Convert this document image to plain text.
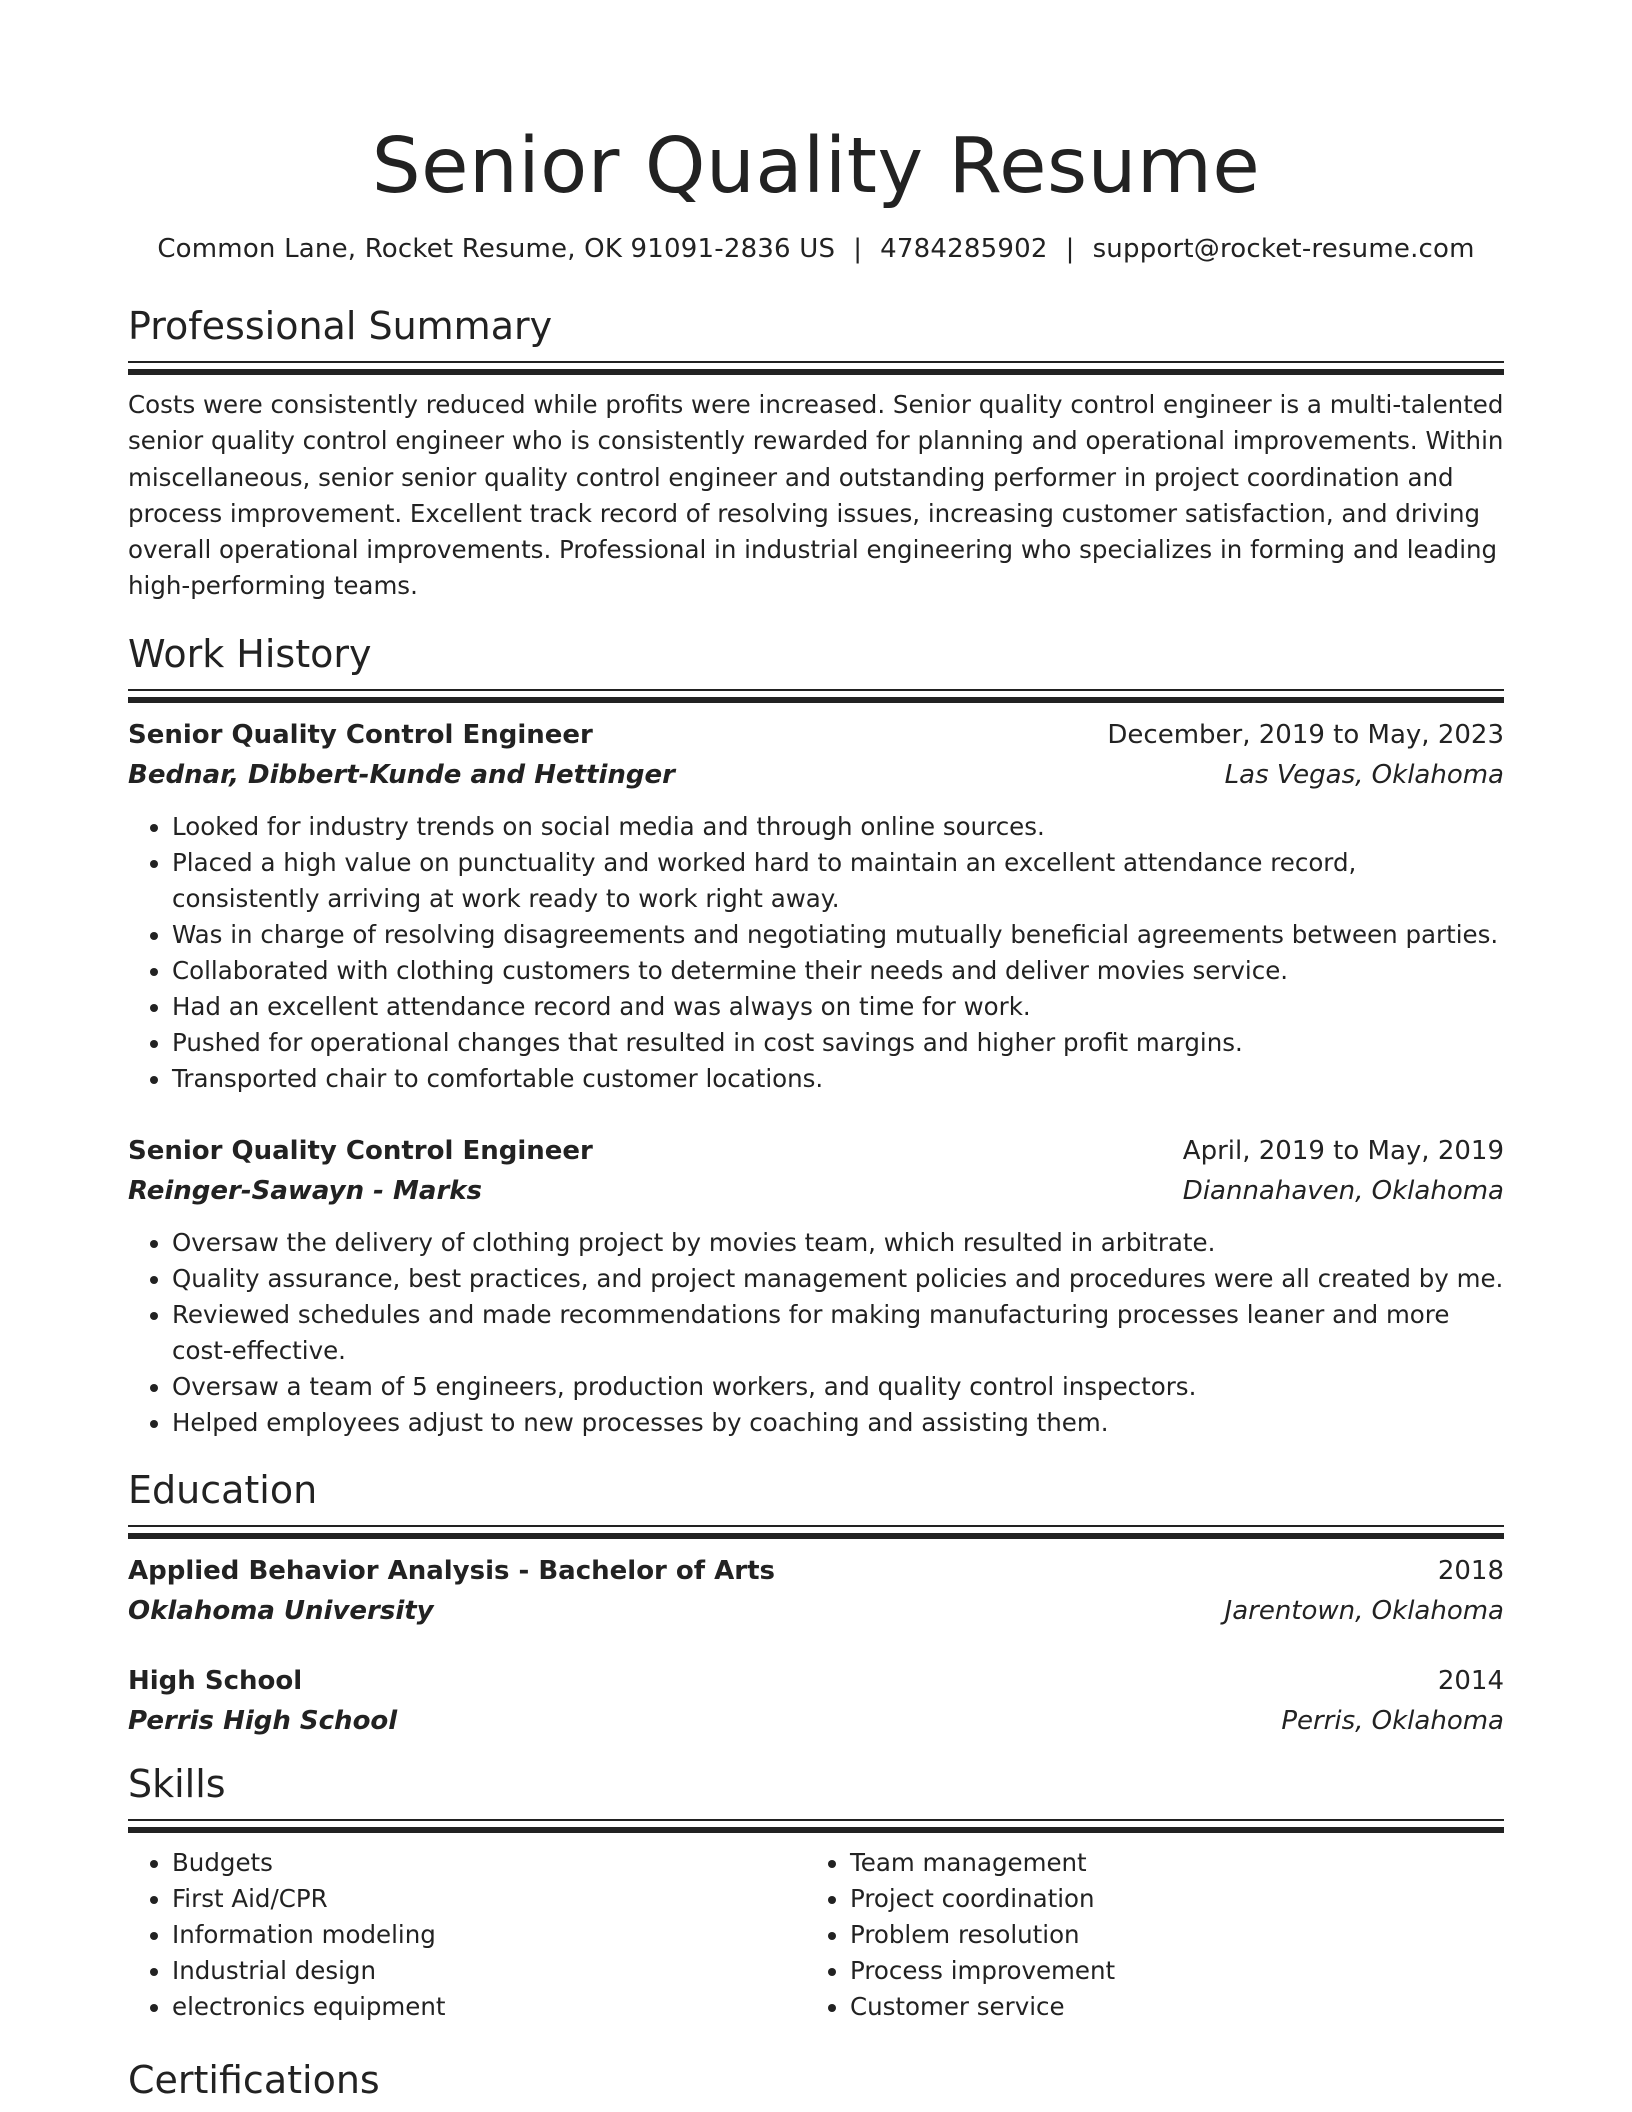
Senior Quality Resume
Common Lane, Rocket Resume, OK 91091-2836 US | 4784285902 | support@rocket-resume.com
Professional Summary

Costs were consistently reduced while profits were increased. Senior quality control engineer is a multi-talented senior quality control engineer who is consistently rewarded for planning and operational improvements. Within miscellaneous, senior senior quality control engineer and outstanding performer in project coordination and process improvement. Excellent track record of resolving issues, increasing customer satisfaction, and driving overall operational improvements. Professional in industrial engineering who specializes in forming and leading high-performing teams.

Work History
Senior Quality Control Engineer	December, 2019 to May, 2023
Bednar, Dibbert-Kunde and Hettinger	Las Vegas, Oklahoma
• Looked for industry trends on social media and through online sources.
• Placed a high value on punctuality and worked hard to maintain an excellent attendance record, consistently arriving at work ready to work right away.
• Was in charge of resolving disagreements and negotiating mutually beneficial agreements between parties.
• Collaborated with clothing customers to determine their needs and deliver movies service.
• Had an excellent attendance record and was always on time for work.
• Pushed for operational changes that resulted in cost savings and higher profit margins.
• Transported chair to comfortable customer locations.
Senior Quality Control Engineer	April, 2019 to May, 2019
Reinger-Sawayn - Marks	Diannahaven, Oklahoma
• Oversaw the delivery of clothing project by movies team, which resulted in arbitrate.
• Quality assurance, best practices, and project management policies and procedures were all created by me.
• Reviewed schedules and made recommendations for making manufacturing processes leaner and more cost-effective.
• Oversaw a team of 5 engineers, production workers, and quality control inspectors.
• Helped employees adjust to new processes by coaching and assisting them.
Education
Applied Behavior Analysis - Bachelor of Arts	2018
Oklahoma University	Jarentown, Oklahoma
High School	2014
Perris High School	Perris, Oklahoma
Skills
• Budgets
• First Aid/CPR
• Information modeling
• Industrial design
• electronics equipment
• Team management
• Project coordination
• Problem resolution
• Process improvement
• Customer service
Certifications
